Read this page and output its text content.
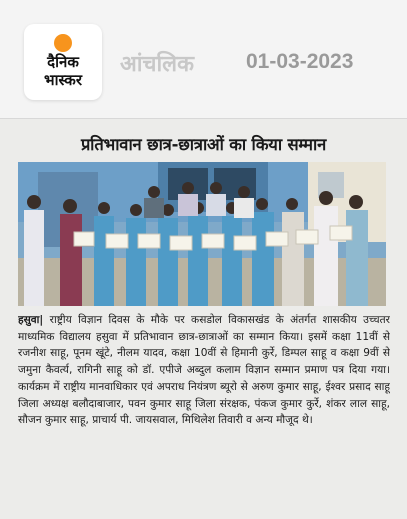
दैनिक
भास्कर
आंचलिक 01-03-2023
प्रतिभावान छात्र-छात्राओं का किया सम्मान
हसुवा| राष्ट्रीय विज्ञान दिवस के मौके पर कसडोल विकासखंड के अंतर्गत शासकीय उच्चतर माध्यमिक विद्यालय हसुवा में प्रतिभावान छात्र-छात्राओं का सम्मान किया। इसमें कक्षा 11वीं से रजनीश साहू, पूनम खूंटे, नीलम यादव, कक्षा 10वीं से हिमानी कुर्रे, डिम्पल साहू व कक्षा 9वीं से जमुना कैवर्त्य, रागिनी साहू को डॉ. एपीजे अब्दुल कलाम विज्ञान सम्मान प्रमाण पत्र दिया गया। कार्यक्रम में राष्ट्रीय मानवाधिकार एवं अपराध नियंत्रण ब्यूरो से अरुण कुमार साहू, ईश्वर प्रसाद साहू जिला अध्यक्ष बलौदाबाजार, पवन कुमार साहू जिला संरक्षक, पंकज कुमार कुर्रे, शंकर लाल साहू, सौजन कुमार साहू, प्राचार्य पी. जायसवाल, मिथिलेश तिवारी व अन्य मौजूद थे।
